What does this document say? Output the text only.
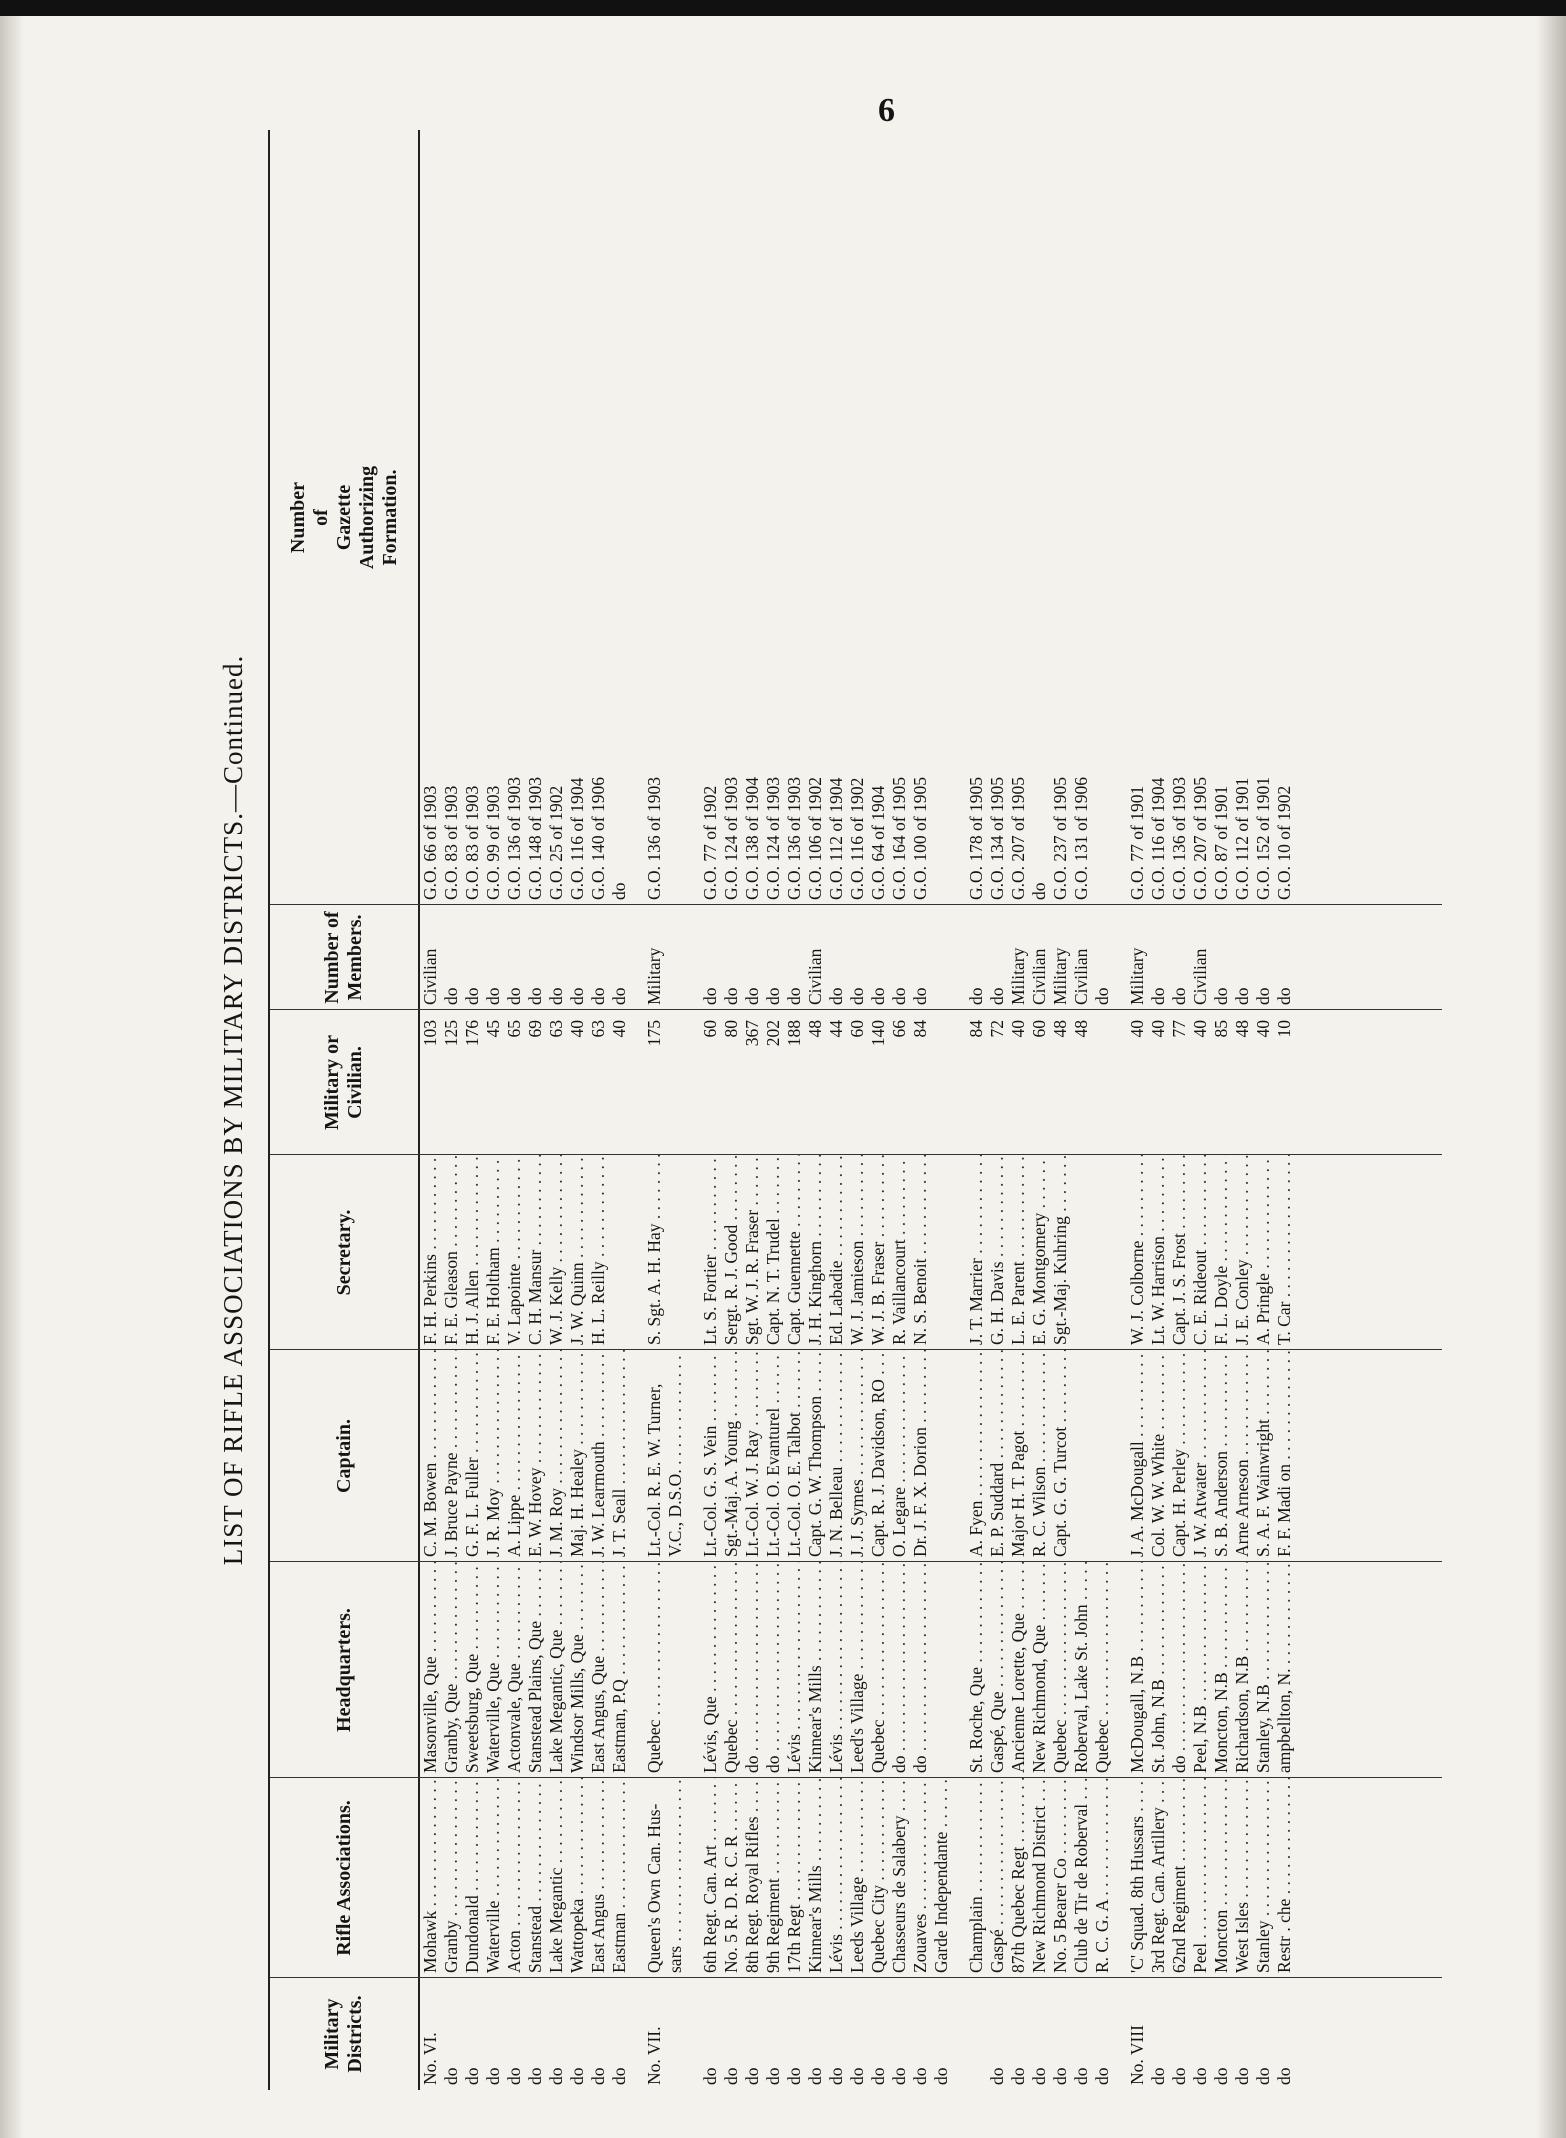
6
LIST OF RIFLE ASSOCIATIONS BY MILITARY DISTRICTS.—Continued.
Military
Districts.
Rifle Associations.
Headquarters.
Captain.
Secretary.
Military or
Civilian.
Number of
Members.
Number
of
Gazette
Authorizing
Formation.
No. VI.
Mohawk . . .
Masonville, Que . . .
C. M. Bowen . . .
F. H. Perkins . . .
103
Civilian
G.O. 66 of 1903
do
Granby . . .
Granby, Que . . .
J. Bruce Payne . . .
F. E. Gleason . . .
125
do
G.O. 83 of 1903
do
Dundonald . . .
Sweetsburg, Que . . .
G. F. L. Fuller . . .
H. J. Allen . . .
176
do
G.O. 83 of 1903
do
Waterville . . .
Waterville, Que . . .
J. R. Moy . . .
F. E. Holtham . . .
45
do
G.O. 99 of 1903
do
Acton . . .
Actonvale, Que . . .
A. Lippe . . .
V. Lapointe . . .
65
do
G.O. 136 of 1903
do
Stanstead . . .
Stanstead Plains, Que . . .
E. W. Hovey . . .
C. H. Mansur . . .
69
do
G.O. 148 of 1903
do
Lake Megantic . . .
Lake Megantic, Que . . .
J. M. Roy . . .
W. J. Kelly . . .
63
do
G.O. 25 of 1902
do
Wattopeka . . .
Windsor Mills, Que . . .
Maj. H. Healey . . .
J. W. Quinn . . .
40
do
G.O. 116 of 1904
do
East Angus . . .
East Angus, Que . . .
J. W. Learmouth . . .
H. L. Reilly . . .
63
do
G.O. 140 of 1906
do
Eastman . . .
Eastman, P.Q . . .
J. T. Seall . . .
40
do
do
No. VII.
Queen's Own Can. Hus-
Quebec . . .
Lt.-Col. R. E. W. Turner,
S. Sgt. A. H. Hay . . .
175
Military
G.O. 136 of 1903
sars . . .
V.C., D.S.O. . . .
do
6th Regt. Can. Art . . .
Lévis, Que . . .
Lt.-Col. G. S. Vein . . .
Lt. S. Fortier . . .
60
do
G.O. 77 of 1902
do
No. 5 R. D. R. C. R . . .
Quebec . . .
Sgt.-Maj. A. Young . . .
Sergt. R. J. Good . . .
80
do
G.O. 124 of 1903
do
8th Regt. Royal Rifles . . .
do . . .
Lt.-Col. W. J. Ray . . .
Sgt. W. J. R. Fraser . . .
367
do
G.O. 138 of 1904
do
9th Regiment . . .
do . . .
Lt.-Col. O. Evanturel . . .
Capt. N. T. Trudel . . .
202
do
G.O. 124 of 1903
do
17th Regt . . .
Lévis . . .
Lt.-Col. O. E. Talbot . . .
Capt. Guennette . . .
188
do
G.O. 136 of 1903
do
Kinnear's Mills . . .
Kinnear's Mills . . .
Capt. G. W. Thompson . . .
J. H. Kinghorn . . .
48
Civilian
G.O. 106 of 1902
do
Lévis . . .
Lévis . . .
J. N. Belleau . . .
Ed. Labadie . . .
44
do
G.O. 112 of 1904
do
Leeds Village . . .
Leed's Village . . .
J. J. Symes . . .
W. J. Jamieson . . .
60
do
G.O. 116 of 1902
do
Quebec City . . .
Quebec . . .
Capt. R. J. Davidson, RO . . .
W. J. B. Fraser . . .
140
do
G.O. 64 of 1904
do
Chasseurs de Salabery . . .
do . . .
O. Legare . . .
R. Vaillancourt . . .
66
do
G.O. 164 of 1905
do
Zouaves . . .
do . . .
Dr. J. F. X. Dorion . . .
N. S. Benoit . . .
84
do
G.O. 100 of 1905
do
Garde Independante . . . Champlain . . .
St. Roche, Que . . .
A. Fyen . . .
J. T. Marrier . . .
84
do
G.O. 178 of 1905
do
Gaspé . . .
Gaspé, Que . . .
E. P. Suddard . . .
G. H. Davis . . .
72
do
G.O. 134 of 1905
do
87th Quebec Regt . . .
Ancienne Lorette, Que . . .
Major H. T. Pagot . . .
L. E. Parent . . .
40
Military
G.O. 207 of 1905
do
New Richmond District . . .
New Richmond, Que . . .
R. C. Wilson . . .
E. G. Montgomery . . .
60
Civilian
do
do
No. 5 Bearer Co . . .
Quebec . . .
Capt. G. G. Turcot . . .
Sgt.-Maj. Kuhring . . .
48
Military
G.O. 237 of 1905
do
Club de Tir de Roberval . . .
Roberval, Lake St. John . . .
48
Civilian
G.O. 131 of 1906
do
R. C. G. A . . .
Quebec . . .
do
No. VIII
'C' Squad. 8th Hussars . . .
McDougall, N.B . . .
J. A. McDougall . . .
W. J. Colborne . . .
40
Military
G.O. 77 of 1901
do
3rd Regt. Can. Artillery . . .
St. John, N.B . . .
Col. W. W. White . . .
Lt. W. Harrison . . .
40
do
G.O. 116 of 1904
do
62nd Regiment . . .
do . . .
Capt. H. Perley . . .
Capt. J. S. Frost . . .
77
do
G.O. 136 of 1903
do
Peel . . .
Peel, N.B . . .
J. W. Atwater . . .
C. E. Rideout . . .
40
Civilian
G.O. 207 of 1905
do
Moncton . . .
Moncton, N.B . . .
S. B. Anderson . . .
F. L. Doyle . . .
85
do
G.O. 87 of 1901
do
West Isles . . .
Richardson, N.B . . .
Arne Arneson . . .
J. E. Conley . . .
48
do
G.O. 112 of 1901
do
Stanley . . .
Stanley, N.B . . .
S. A. F. Wainwright . . .
A. Pringle . . .
40
do
G.O. 152 of 1901
do
Restr . che . . .
ampbellton, N. . . .
F. F. Madi on . . .
T. Car . . .
10
do
G.O. 10 of 1902
